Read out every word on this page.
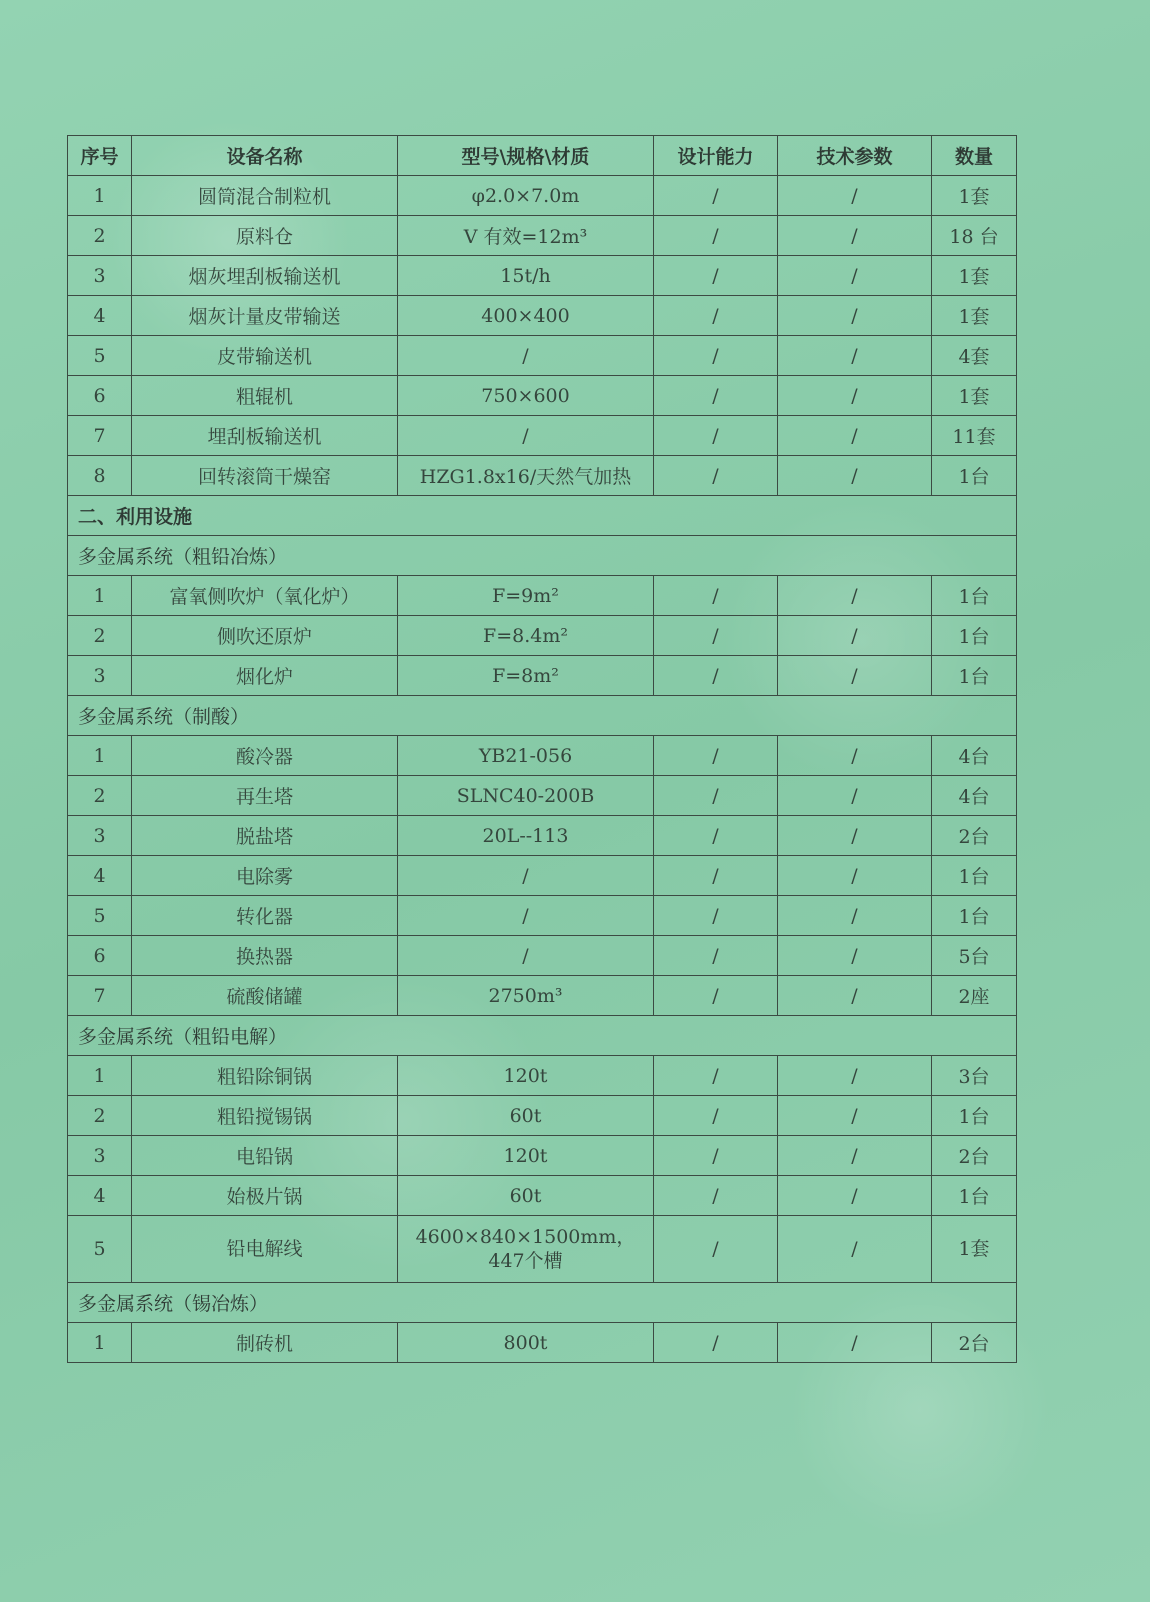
序号	设备名称	型号\规格\材质	设计能力	技术参数	数量
1	圆筒混合制粒机	φ2.0×7.0m	/	/	1套
2	原料仓	V 有效=12m³	/	/	18 台
3	烟灰埋刮板输送机	15t/h	/	/	1套
4	烟灰计量皮带输送	400×400	/	/	1套
5	皮带输送机	/	/	/	4套
6	粗辊机	750×600	/	/	1套
7	埋刮板输送机	/	/	/	11套
8	回转滚筒干燥窑	HZG1.8x16/天然气加热	/	/	1台
二、利用设施					
多金属系统（粗铅冶炼）					
1	富氧侧吹炉（氧化炉）	F=9m²	/	/	1台
2	侧吹还原炉	F=8.4m²	/	/	1台
3	烟化炉	F=8m²	/	/	1台
多金属系统（制酸）					
1	酸冷器	YB21-056	/	/	4台
2	再生塔	SLNC40-200B	/	/	4台
3	脱盐塔	20L--113	/	/	2台
4	电除雾	/	/	/	1台
5	转化器	/	/	/	1台
6	换热器	/	/	/	5台
7	硫酸储罐	2750m³	/	/	2座
多金属系统（粗铅电解）					
1	粗铅除铜锅	120t	/	/	3台
2	粗铅搅锡锅	60t	/	/	1台
3	电铅锅	120t	/	/	2台
4	始极片锅	60t	/	/	1台
5	铅电解线	4600×840×1500mm，447个槽	/	/	1套
多金属系统（锡冶炼）					
1	制砖机	800t	/	/	2台
